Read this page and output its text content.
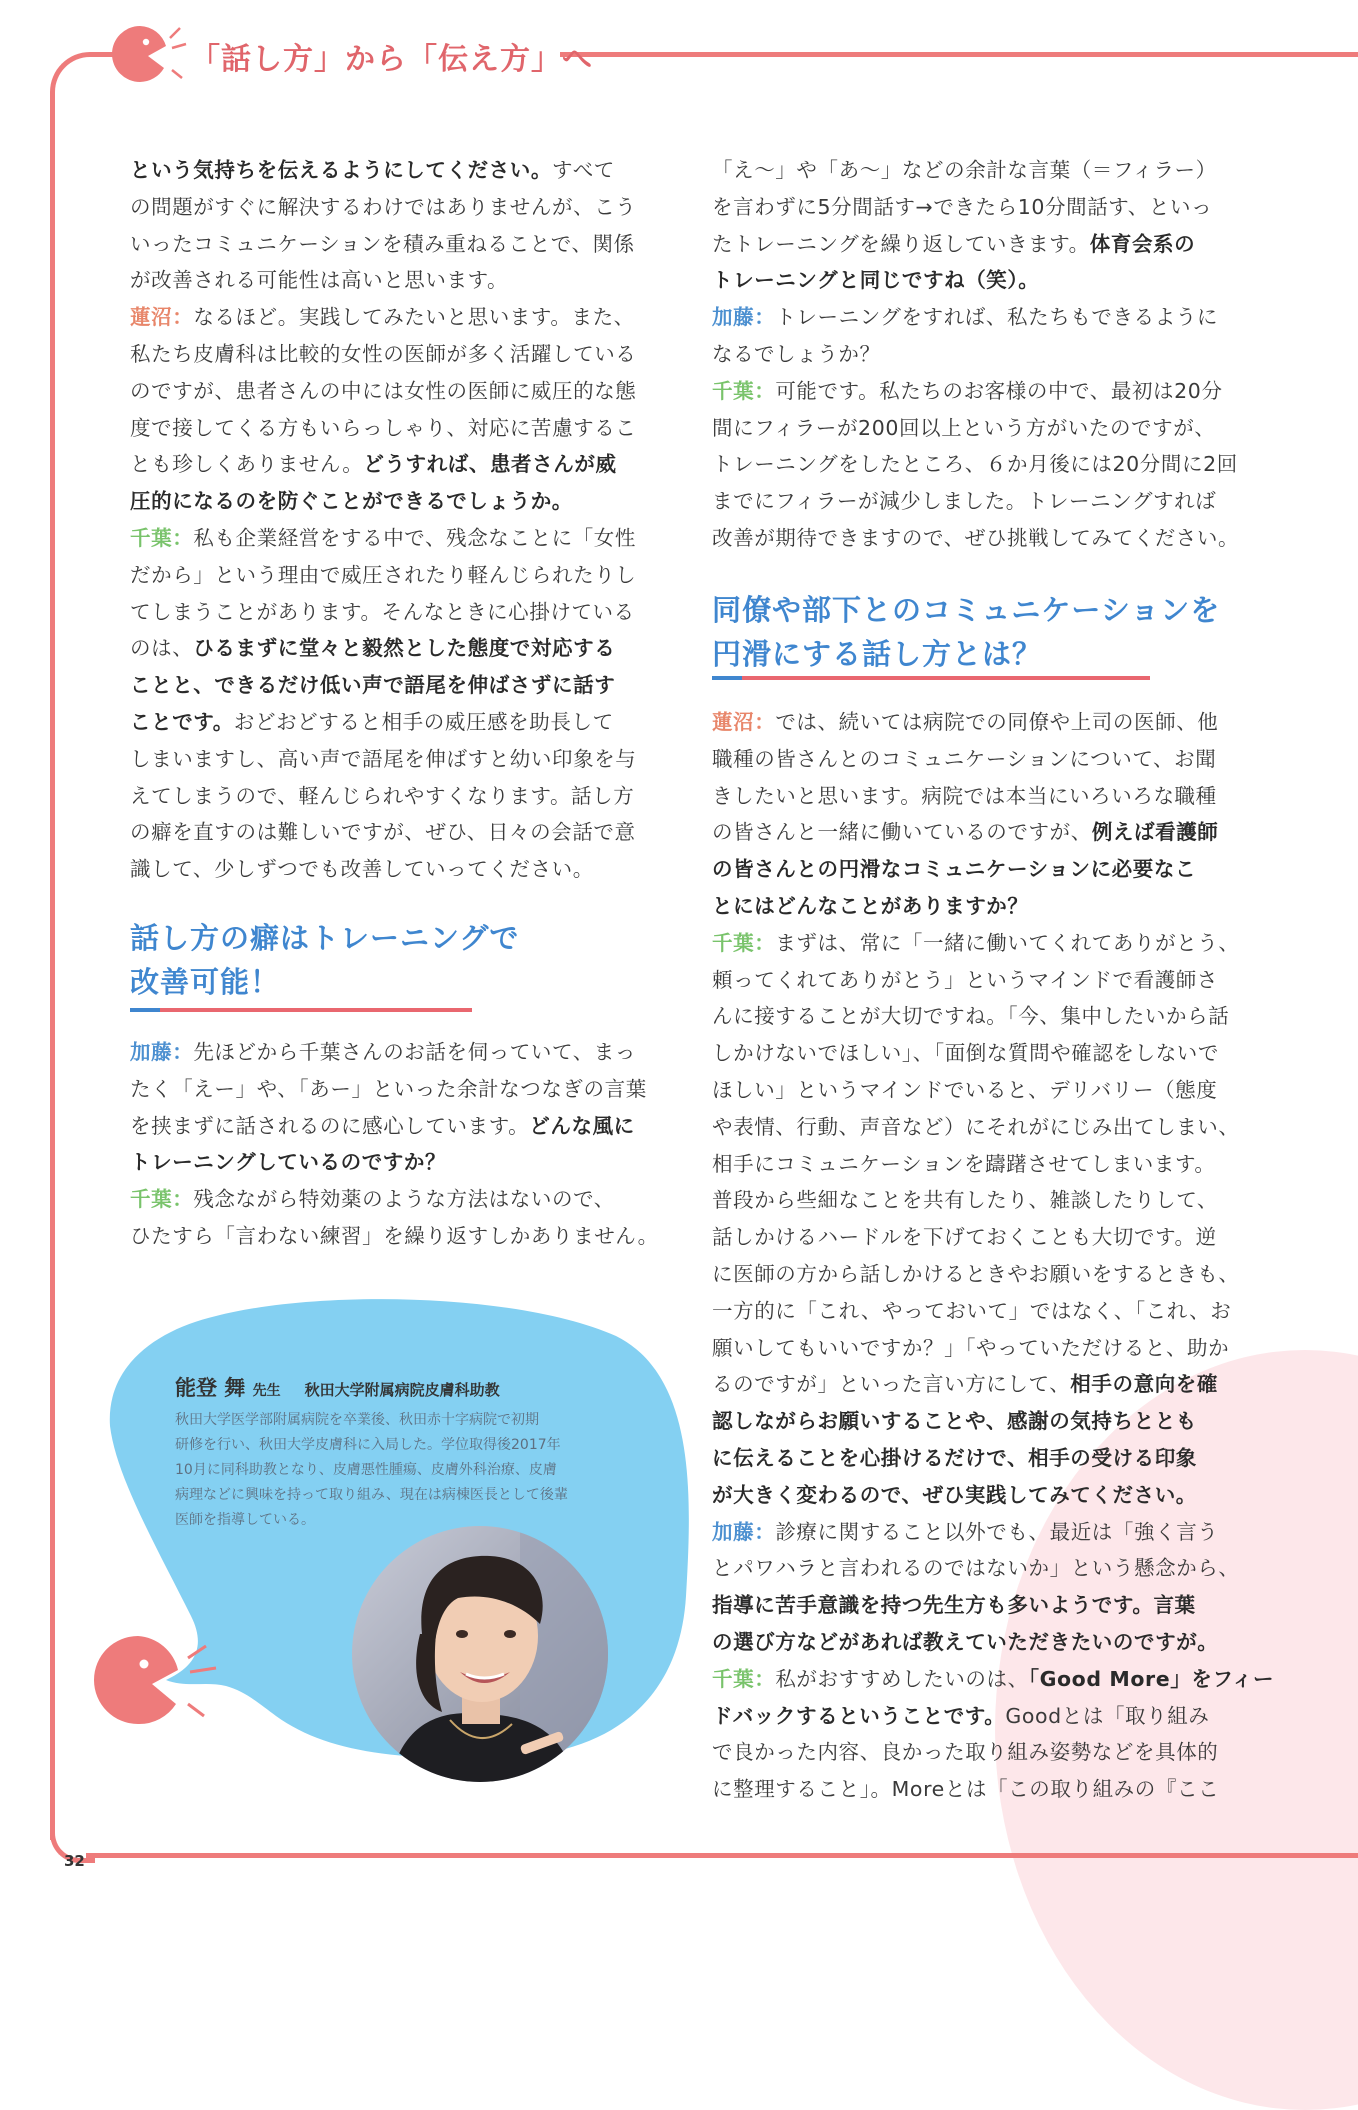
「話し方」から「伝え方」へ

という気持ちを伝えるようにしてください。すべて

の問題がすぐに解決するわけではありませんが、こう

いったコミュニケーションを積み重ねることで、関係

が改善される可能性は高いと思います。

蓮沼：なるほど。実践してみたいと思います。また、

私たち皮膚科は比較的女性の医師が多く活躍している

のですが、患者さんの中には女性の医師に威圧的な態

度で接してくる方もいらっしゃり、対応に苦慮するこ

とも珍しくありません。どうすれば、患者さんが威

圧的になるのを防ぐことができるでしょうか。

千葉：私も企業経営をする中で、残念なことに「女性

だから」という理由で威圧されたり軽んじられたりし

てしまうことがあります。そんなときに心掛けている

のは、ひるまずに堂々と毅然とした態度で対応する

ことと、できるだけ低い声で語尾を伸ばさずに話す

ことです。おどおどすると相手の威圧感を助長して

しまいますし、高い声で語尾を伸ばすと幼い印象を与

えてしまうので、軽んじられやすくなります。話し方

の癖を直すのは難しいですが、ぜひ、日々の会話で意

識して、少しずつでも改善していってください。

話し方の癖はトレーニングで

改善可能！

加藤：先ほどから千葉さんのお話を伺っていて、まっ

たく「えー」や、「あー」といった余計なつなぎの言葉

を挟まずに話されるのに感心しています。どんな風に

トレーニングしているのですか？

千葉：残念ながら特効薬のような方法はないので、

ひたすら「言わない練習」を繰り返すしかありません。

能登 舞 先生 秋田大学附属病院皮膚科助教
秋田大学医学部附属病院を卒業後、秋田赤十字病院で初期
研修を行い、秋田大学皮膚科に入局した。学位取得後2017年
10月に同科助教となり、皮膚悪性腫瘍、皮膚外科治療、皮膚
病理などに興味を持って取り組み、現在は病棟医長として後輩
医師を指導している。

「え～」や「あ～」などの余計な言葉（＝フィラー）

を言わずに5分間話す→できたら10分間話す、といっ

たトレーニングを繰り返していきます。体育会系の

トレーニングと同じですね（笑）。

加藤：トレーニングをすれば、私たちもできるように

なるでしょうか？

千葉：可能です。私たちのお客様の中で、最初は20分

間にフィラーが200回以上という方がいたのですが、

トレーニングをしたところ、６か月後には20分間に2回

までにフィラーが減少しました。トレーニングすれば

改善が期待できますので、ぜひ挑戦してみてください。

同僚や部下とのコミュニケーションを

円滑にする話し方とは？

蓮沼：では、続いては病院での同僚や上司の医師、他

職種の皆さんとのコミュニケーションについて、お聞

きしたいと思います。病院では本当にいろいろな職種

の皆さんと一緒に働いているのですが、例えば看護師

の皆さんとの円滑なコミュニケーションに必要なこ

とにはどんなことがありますか？

千葉：まずは、常に「一緒に働いてくれてありがとう、

頼ってくれてありがとう」というマインドで看護師さ

んに接することが大切ですね。「今、集中したいから話

しかけないでほしい」、「面倒な質問や確認をしないで

ほしい」というマインドでいると、デリバリー（態度

や表情、行動、声音など）にそれがにじみ出てしまい、

相手にコミュニケーションを躊躇させてしまいます。

普段から些細なことを共有したり、雑談したりして、

話しかけるハードルを下げておくことも大切です。逆

に医師の方から話しかけるときやお願いをするときも、

一方的に「これ、やっておいて」ではなく、「これ、お

願いしてもいいですか？」「やっていただけると、助か

るのですが」といった言い方にして、相手の意向を確

認しながらお願いすることや、感謝の気持ちととも

に伝えることを心掛けるだけで、相手の受ける印象

が大きく変わるので、ぜひ実践してみてください。

加藤：診療に関すること以外でも、最近は「強く言う

とパワハラと言われるのではないか」という懸念から、

指導に苦手意識を持つ先生方も多いようです。言葉

の選び方などがあれば教えていただきたいのですが。

千葉：私がおすすめしたいのは、「Good More」をフィー

ドバックするということです。Goodとは「取り組み

で良かった内容、良かった取り組み姿勢などを具体的

に整理すること」。Moreとは「この取り組みの『ここ

32
